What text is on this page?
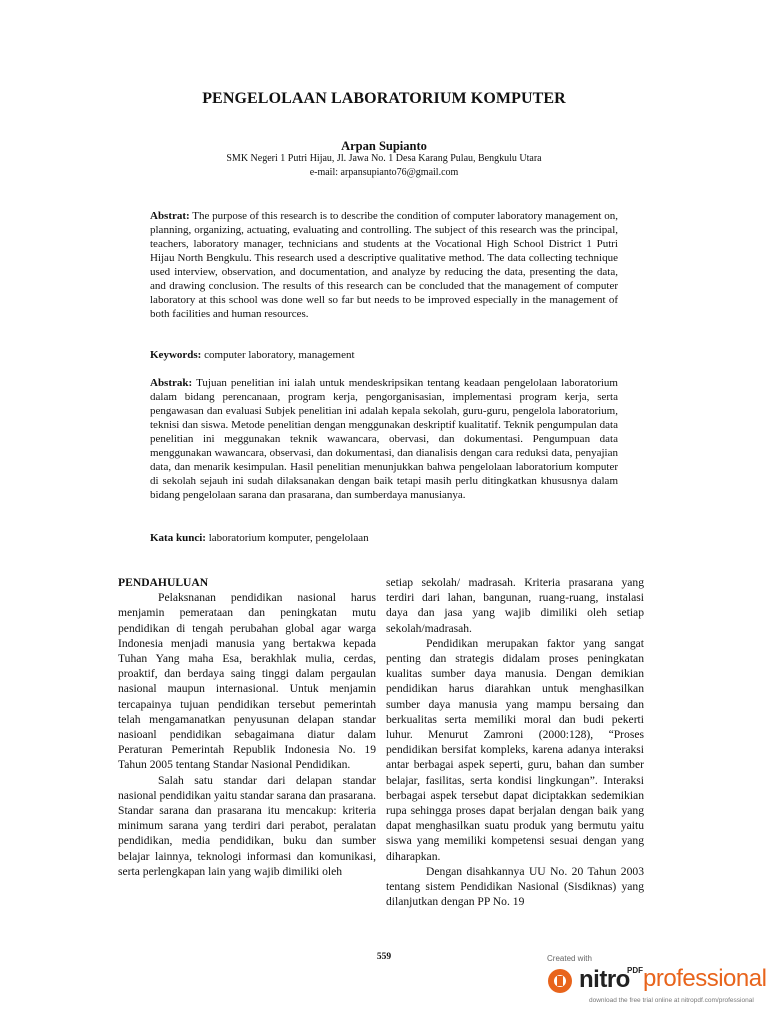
PENGELOLAAN LABORATORIUM KOMPUTER
Arpan Supianto
SMK Negeri 1 Putri Hijau, Jl. Jawa No. 1 Desa Karang Pulau, Bengkulu Utara
e-mail: arpansupianto76@gmail.com

Abstrat: The purpose of this research is to describe the condition of computer laboratory management on, planning, organizing, actuating, evaluating and controlling. The subject of this research was the principal, teachers, laboratory manager, technicians and students at the Vocational High School District 1 Putri Hijau North Bengkulu. This research used a descriptive qualitative method. The data collecting technique used interview, observation, and documentation, and analyze by reducing the data, presenting the data, and drawing conclusion. The results of this research can be concluded that the management of computer laboratory at this school was done well so far but needs to be improved especially in the management of both facilities and human resources.

Keywords: computer laboratory, management

Abstrak: Tujuan penelitian ini ialah untuk mendeskripsikan tentang keadaan pengelolaan laboratorium dalam bidang perencanaan, program kerja, pengorganisasian, implementasi program kerja, serta pengawasan dan evaluasi Subjek penelitian ini adalah kepala sekolah, guru-guru, pengelola laboratorium, teknisi dan siswa. Metode penelitian dengan menggunakan deskriptif kualitatif. Teknik pengumpulan data penelitian ini meggunakan teknik wawancara, obervasi, dan dokumentasi. Pengumpuan data menggunakan wawancara, observasi, dan dokumentasi, dan dianalisis dengan cara reduksi data, penyajian data, dan menarik kesimpulan. Hasil penelitian menunjukkan bahwa pengelolaan laboratorium komputer di sekolah sejauh ini sudah dilaksanakan dengan baik tetapi masih perlu ditingkatkan khususnya dalam bidang pengelolaan sarana dan prasarana, dan sumberdaya manusianya.

Kata kunci: laboratorium komputer, pengelolaan

PENDAHULUAN

Pelaksnanan pendidikan nasional harus menjamin pemerataan dan peningkatan mutu pendidikan di tengah perubahan global agar warga Indonesia menjadi manusia yang bertakwa kepada Tuhan Yang maha Esa, berakhlak mulia, cerdas, proaktif, dan berdaya saing tinggi dalam pergaulan nasional maupun internasional. Untuk menjamin tercapainya tujuan pendidikan tersebut pemerintah telah mengamanatkan penyusunan delapan standar nasioanl pendidikan sebagaimana diatur dalam Peraturan Pemerintah Republik Indonesia No. 19 Tahun 2005 tentang Standar Nasional Pendidikan.

Salah satu standar dari delapan standar nasional pendidikan yaitu standar sarana dan prasarana. Standar sarana dan prasarana itu mencakup: kriteria minimum sarana yang terdiri dari perabot, peralatan pendidikan, media pendidikan, buku dan sumber belajar lainnya, teknologi informasi dan komunikasi, serta perlengkapan lain yang wajib dimiliki oleh

setiap sekolah/ madrasah. Kriteria prasarana yang terdiri dari lahan, bangunan, ruang-ruang, instalasi daya dan jasa yang wajib dimiliki oleh setiap sekolah/madrasah.

Pendidikan merupakan faktor yang sangat penting dan strategis didalam proses peningkatan kualitas sumber daya manusia. Dengan demikian pendidikan harus diarahkan untuk menghasilkan sumber daya manusia yang mampu bersaing dan berkualitas serta memiliki moral dan budi pekerti luhur. Menurut Zamroni (2000:128), “Proses pendidikan bersifat kompleks, karena adanya interaksi antar berbagai aspek seperti, guru, bahan dan sumber belajar, fasilitas, serta kondisi lingkungan”. Interaksi berbagai aspek tersebut dapat diciptakkan sedemikian rupa sehingga proses dapat berjalan dengan baik yang dapat menghasilkan suatu produk yang bermutu yaitu siswa yang memiliki kompetensi sesuai dengan yang diharapkan.

Dengan disahkannya UU No. 20 Tahun 2003 tentang sistem Pendidikan Nasional (Sisdiknas) yang dilanjutkan dengan PP No. 19

559	Created with
nitro
PDF professional
download the free trial online at nitropdf.com/professional
